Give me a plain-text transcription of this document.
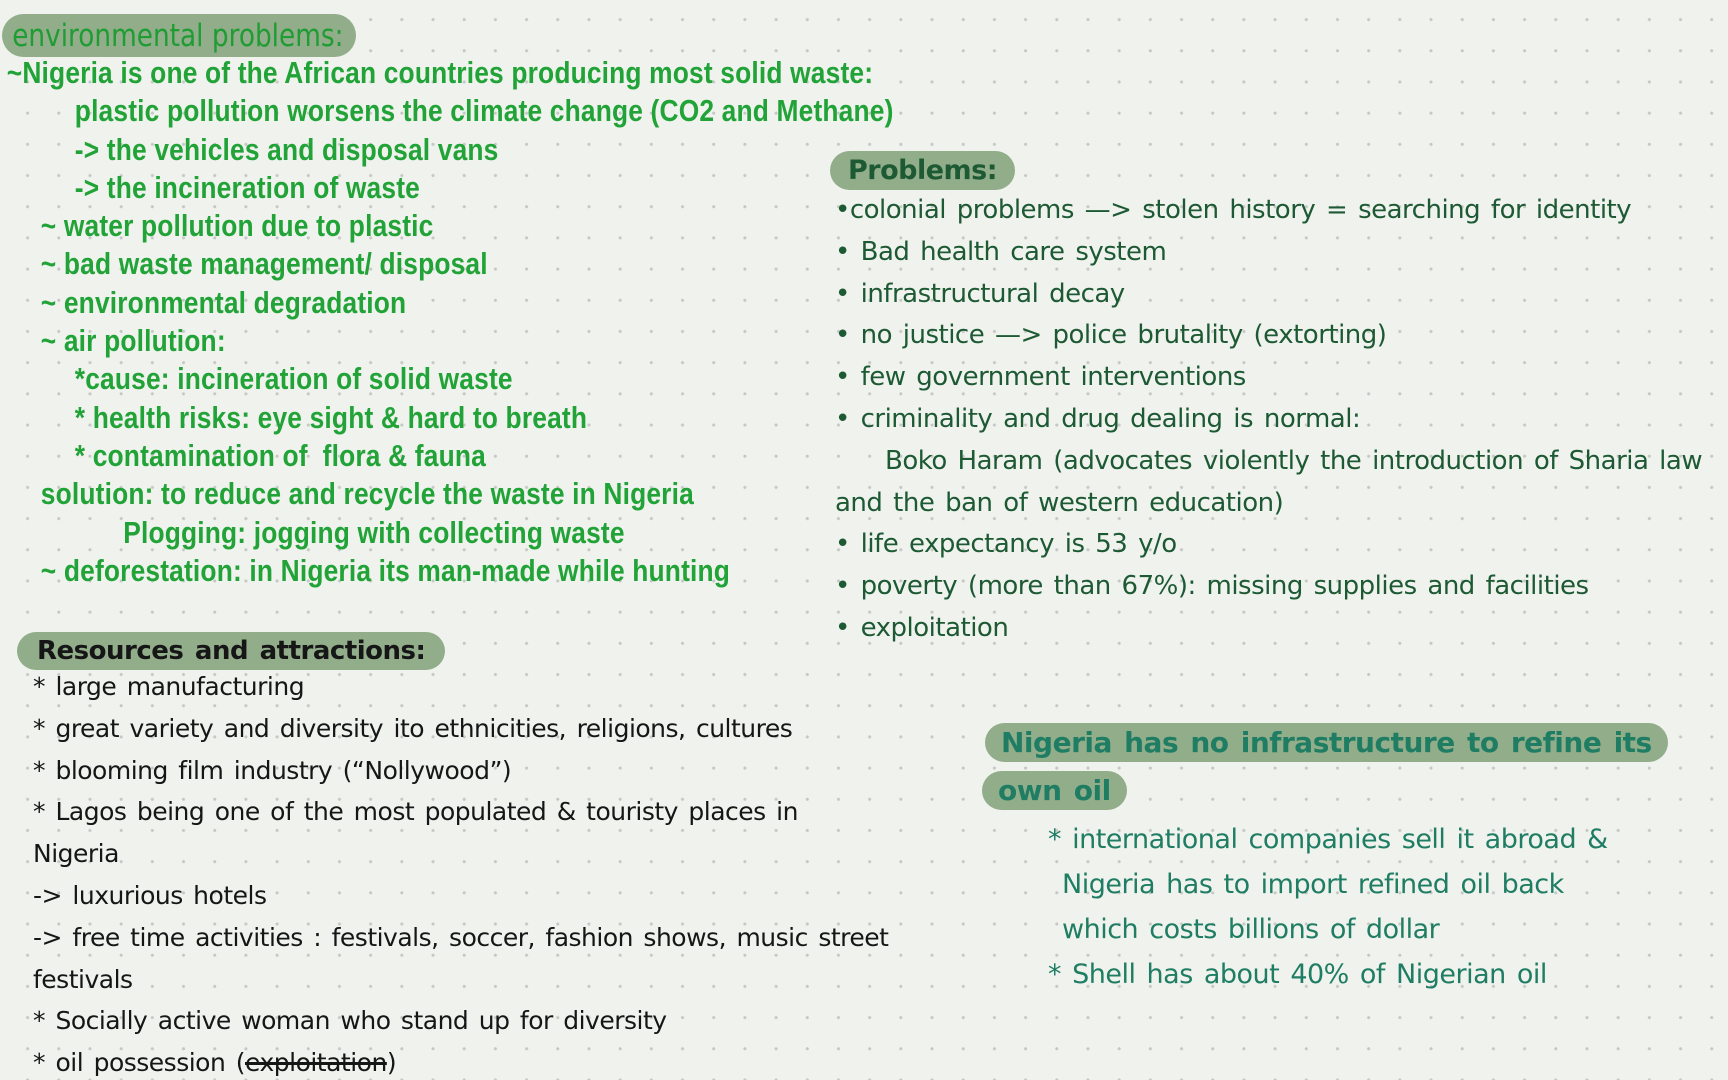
environmental problems:
~Nigeria is one of the African countries producing most solid waste:
plastic pollution worsens the climate change (CO2 and Methane)
-> the vehicles and disposal vans
-> the incineration of waste
~ water pollution due to plastic
~ bad waste management/ disposal
~ environmental degradation
~ air pollution:
*cause: incineration of solid waste
* health risks: eye sight & hard to breath
* contamination of  flora & fauna
solution: to reduce and recycle the waste in Nigeria
Plogging: jogging with collecting waste
~ deforestation: in Nigeria its man-made while hunting
Problems:
•colonial problems —> stolen history = searching for identity
• Bad health care system
• infrastructural decay
• no justice —> police brutality (extorting)
• few government interventions
• criminality and drug dealing is normal:
Boko Haram (advocates violently the introduction of Sharia law
and the ban of western education)
• life expectancy is 53 y/o
• poverty (more than 67%): missing supplies and facilities
• exploitation
Resources and attractions:
* large manufacturing
* great variety and diversity ito ethnicities, religions, cultures
* blooming film industry (“Nollywood”)
* Lagos being one of the most populated & touristy places in
Nigeria
-> luxurious hotels
-> free time activities : festivals, soccer, fashion shows, music street
festivals
* Socially active woman who stand up for diversity
* oil possession (exploitation)
Nigeria has no infrastructure to refine its
own oil
* international companies sell it abroad &
Nigeria has to import refined oil back
which costs billions of dollar
* Shell has about 40% of Nigerian oil
